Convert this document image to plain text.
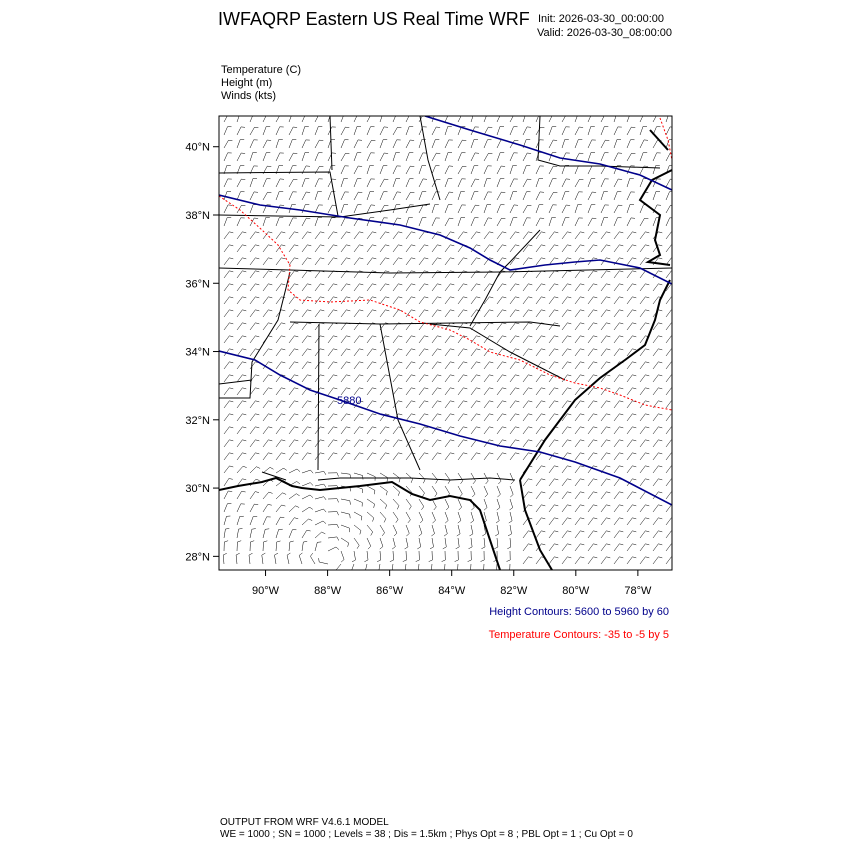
IWFAQRP Eastern US Real Time WRF Init: 2026-03-30_00:00:00
Valid: 2026-03-30_08:00:00
Temperature (C)
Height (m)
Winds (kts)
5880
40°N
38°N
36°N
34°N
32°N
30°N
28°N
90°W	88°W	86°W	84°W	82°W	80°W	78°W
Height Contours: 5600 to 5960 by 60
Temperature Contours: -35 to -5 by 5
OUTPUT FROM WRF V4.6.1 MODEL
WE = 1000 ; SN = 1000 ; Levels = 38 ; Dis = 1.5km ; Phys Opt = 8 ; PBL Opt = 1 ; Cu Opt = 0
